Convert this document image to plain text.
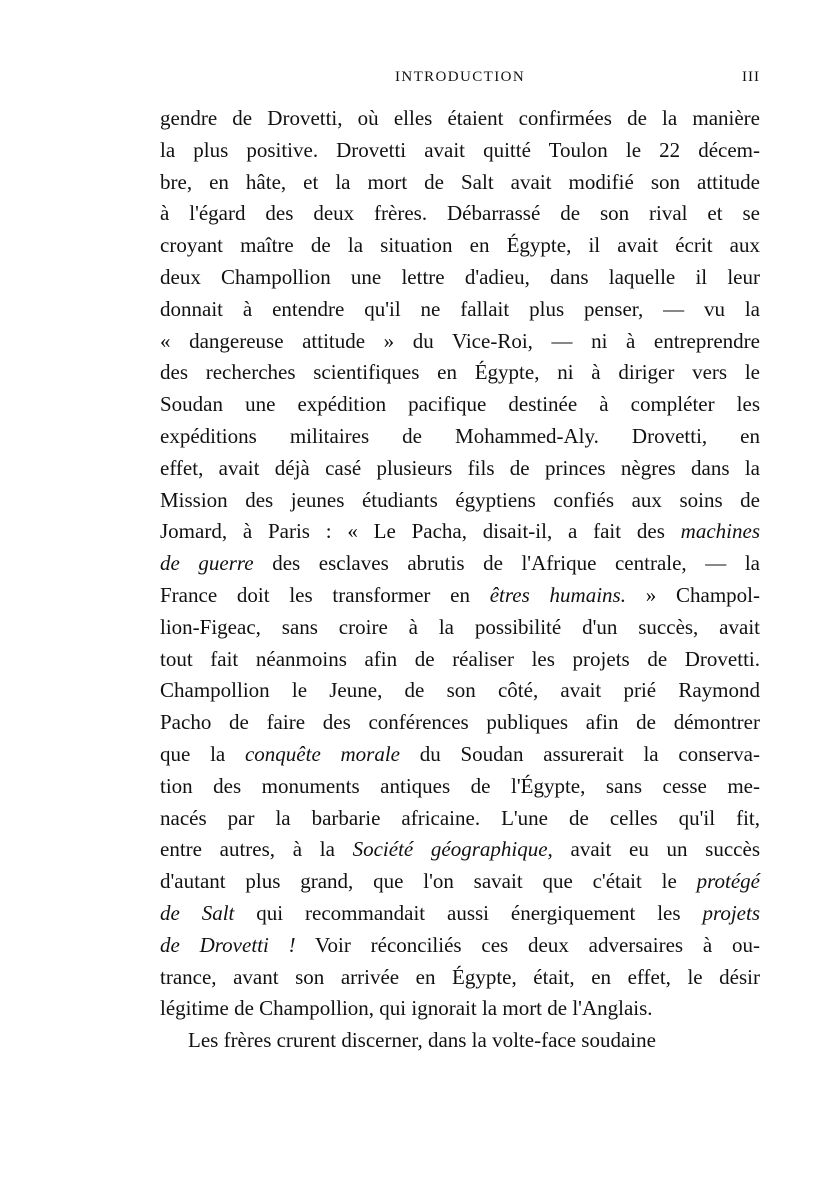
INTRODUCTION	III
gendre de Drovetti, où elles étaient confirmées de la manière
la plus positive. Drovetti avait quitté Toulon le 22 décem-
bre, en hâte, et la mort de Salt avait modifié son attitude
à l'égard des deux frères. Débarrassé de son rival et se
croyant maître de la situation en Égypte, il avait écrit aux
deux Champollion une lettre d'adieu, dans laquelle il leur
donnait à entendre qu'il ne fallait plus penser, — vu la
« dangereuse attitude » du Vice-Roi, — ni à entreprendre
des recherches scientifiques en Égypte, ni à diriger vers le
Soudan une expédition pacifique destinée à compléter les
expéditions militaires de Mohammed-Aly. Drovetti, en
effet, avait déjà casé plusieurs fils de princes nègres dans la
Mission des jeunes étudiants égyptiens confiés aux soins de
Jomard, à Paris : « Le Pacha, disait-il, a fait des machines
de guerre des esclaves abrutis de l'Afrique centrale, — la
France doit les transformer en êtres humains. » Champol-
lion-Figeac, sans croire à la possibilité d'un succès, avait
tout fait néanmoins afin de réaliser les projets de Drovetti.
Champollion le Jeune, de son côté, avait prié Raymond
Pacho de faire des conférences publiques afin de démontrer
que la conquête morale du Soudan assurerait la conserva-
tion des monuments antiques de l'Égypte, sans cesse me-
nacés par la barbarie africaine. L'une de celles qu'il fit,
entre autres, à la Société géographique, avait eu un succès
d'autant plus grand, que l'on savait que c'était le protégé
de Salt qui recommandait aussi énergiquement les projets
de Drovetti ! Voir réconciliés ces deux adversaires à ou-
trance, avant son arrivée en Égypte, était, en effet, le désir
légitime de Champollion, qui ignorait la mort de l'Anglais.
Les frères crurent discerner, dans la volte-face soudaine
